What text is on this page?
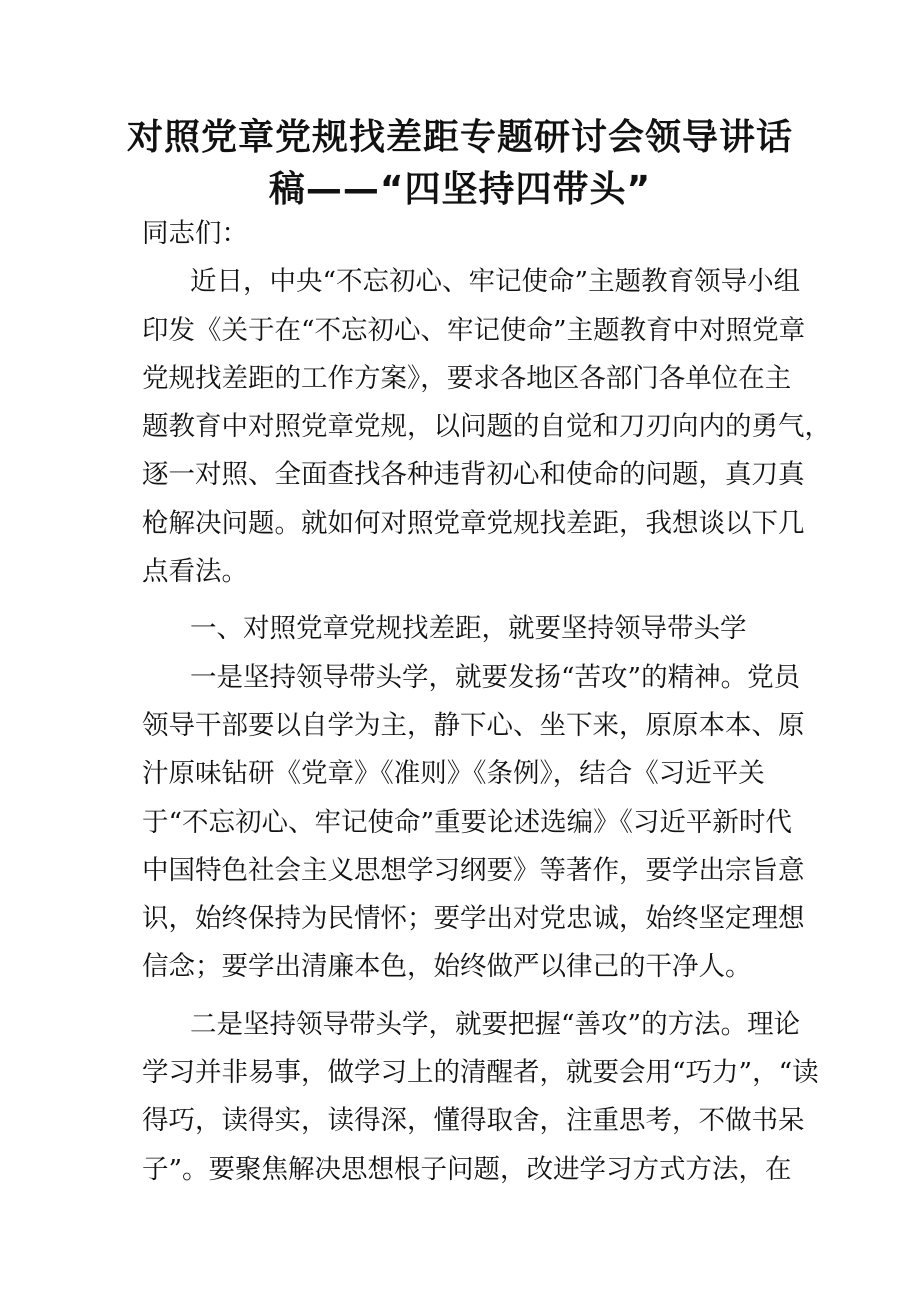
对照党章党规找差距专题研讨会领导讲话
稿——“四坚持四带头”

同志们：

近日，中央“不忘初心、牢记使命”主题教育领导小组
印发《关于在“不忘初心、牢记使命”主题教育中对照党章
党规找差距的工作方案》，要求各地区各部门各单位在主
题教育中对照党章党规，以问题的自觉和刀刃向内的勇气，
逐一对照、全面查找各种违背初心和使命的问题，真刀真
枪解决问题。就如何对照党章党规找差距，我想谈以下几
点看法。
一、对照党章党规找差距，就要坚持领导带头学
一是坚持领导带头学，就要发扬“苦攻”的精神。党员
领导干部要以自学为主，静下心、坐下来，原原本本、原
汁原味钻研《党章》《准则》《条例》，结合《习近平关
于“不忘初心、牢记使命”重要论述选编》《习近平新时代
中国特色社会主义思想学习纲要》等著作，要学出宗旨意
识，始终保持为民情怀；要学出对党忠诚，始终坚定理想
信念；要学出清廉本色，始终做严以律己的干净人。
二是坚持领导带头学，就要把握“善攻”的方法。理论
学习并非易事，做学习上的清醒者，就要会用“巧力”，“读
得巧，读得实，读得深，懂得取舍，注重思考，不做书呆
子”。要聚焦解决思想根子问题，改进学习方式方法，在
